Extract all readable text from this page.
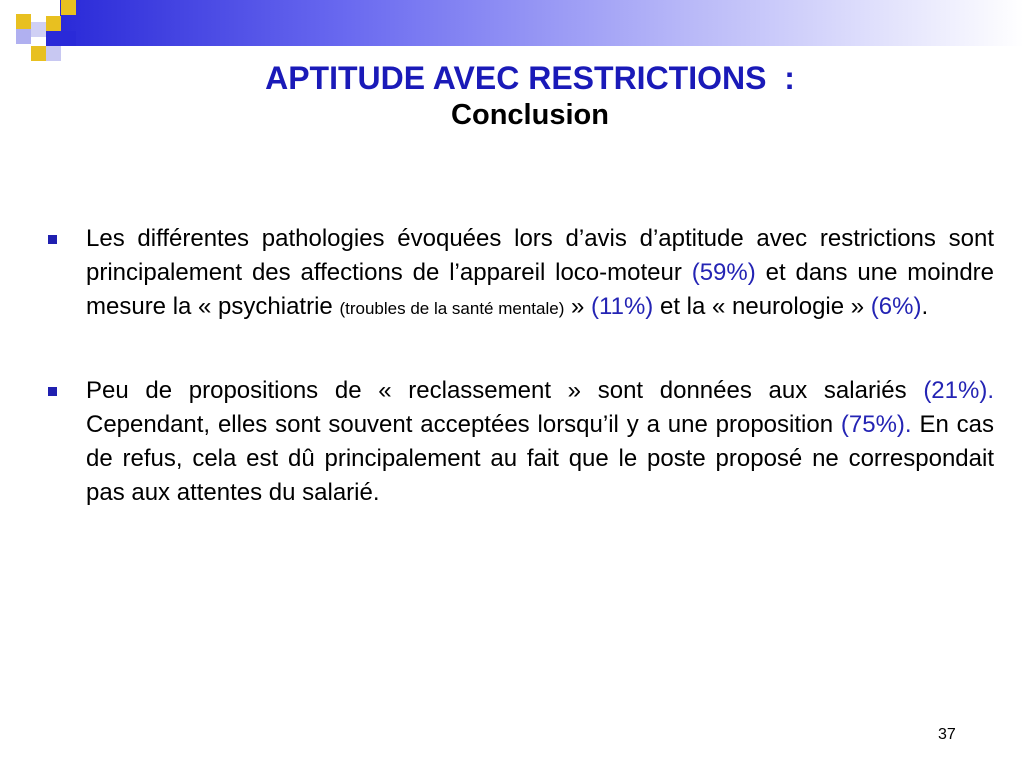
APTITUDE AVEC RESTRICTIONS  :
Conclusion
Les différentes pathologies évoquées lors d’avis d’aptitude avec restrictions sont principalement des affections de l’appareil loco-moteur (59%) et dans une moindre mesure la « psychiatrie (troubles de la santé mentale) » (11%) et la « neurologie » (6%).
Peu de propositions de « reclassement » sont données aux salariés (21%). Cependant, elles sont souvent acceptées lorsqu’il y a une proposition (75%). En cas de refus, cela est dû principalement au fait que le poste proposé ne correspondait pas aux attentes du salarié.
37
